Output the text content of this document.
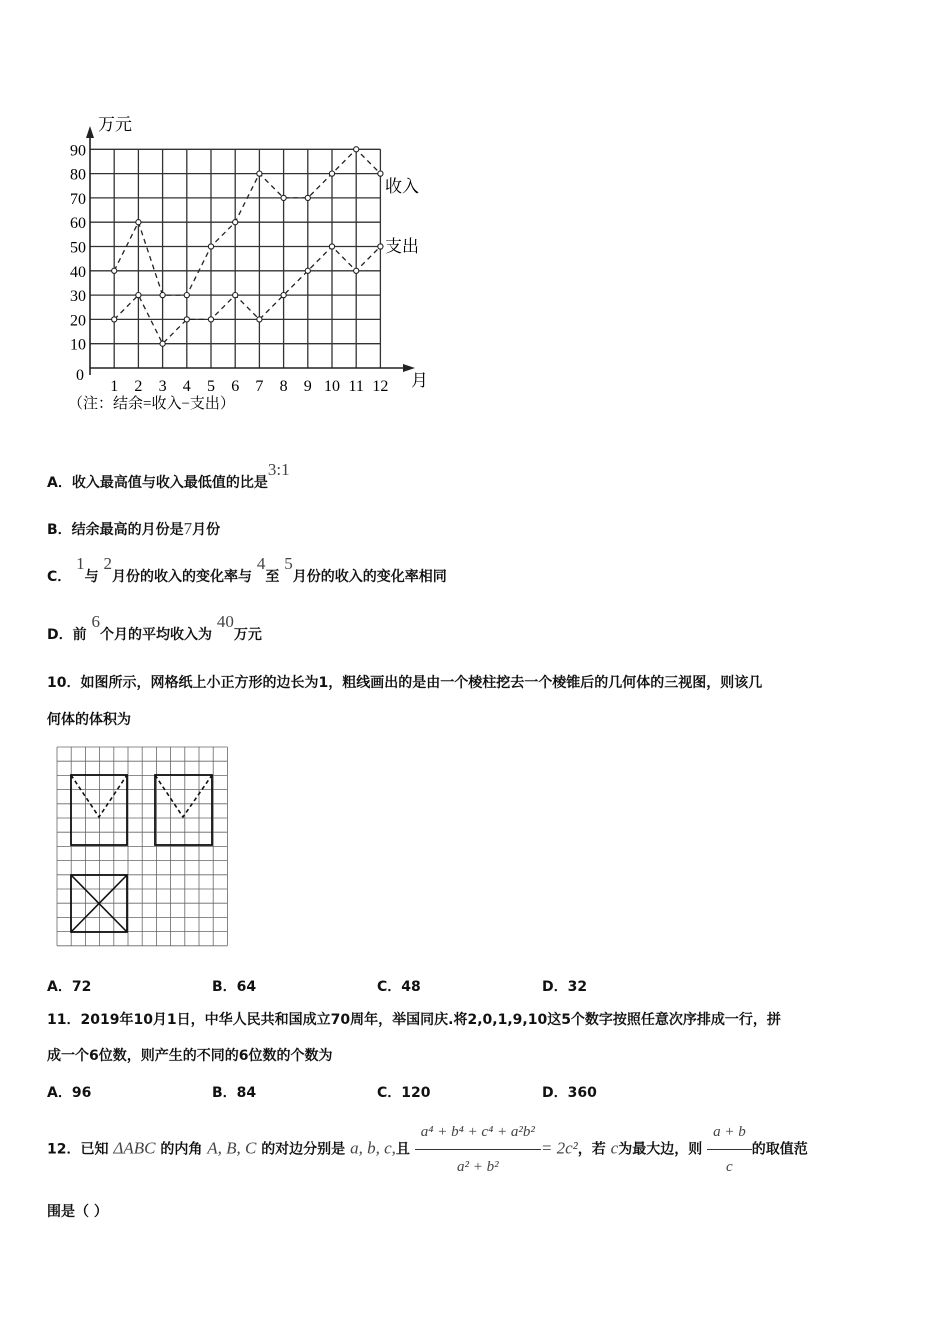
万元
月
0
10
20
30
40
50
60
70
80
90
1 2 3 4 5 6 7 8 9 10 11 12
收入
支出
（注：结余=收入−支出）
A．收入最高值与收入最低值的比是3:1
B．结余最高的月份是7月份
C． 1与 2月份的收入的变化率与 4至 5月份的收入的变化率相同
D．前 6个月的平均收入为 40万元
10．如图所示，网格纸上小正方形的边长为1，粗线画出的是由一个棱柱挖去一个棱锥后的几何体的三视图，则该几
何体的体积为
A．72	B．64	C．48	D．32
11．2019年10月1日，中华人民共和国成立70周年，举国同庆.将2,0,1,9,10这5个数字按照任意次序排成一行，拼
成一个6位数，则产生的不同的6位数的个数为
A．96	B．84	C．120	D．360
12．已知 ΔABC 的内角 A, B, C 的对边分别是 a, b, c,且 $\frac{\text{a⁴ + b⁴ + c⁴ + a²b²}}{\text{a² + b²}} = 2c^2$，若 c为最大边，则 $\frac{a + b}{c}$ 的取值范
围是（ ）
